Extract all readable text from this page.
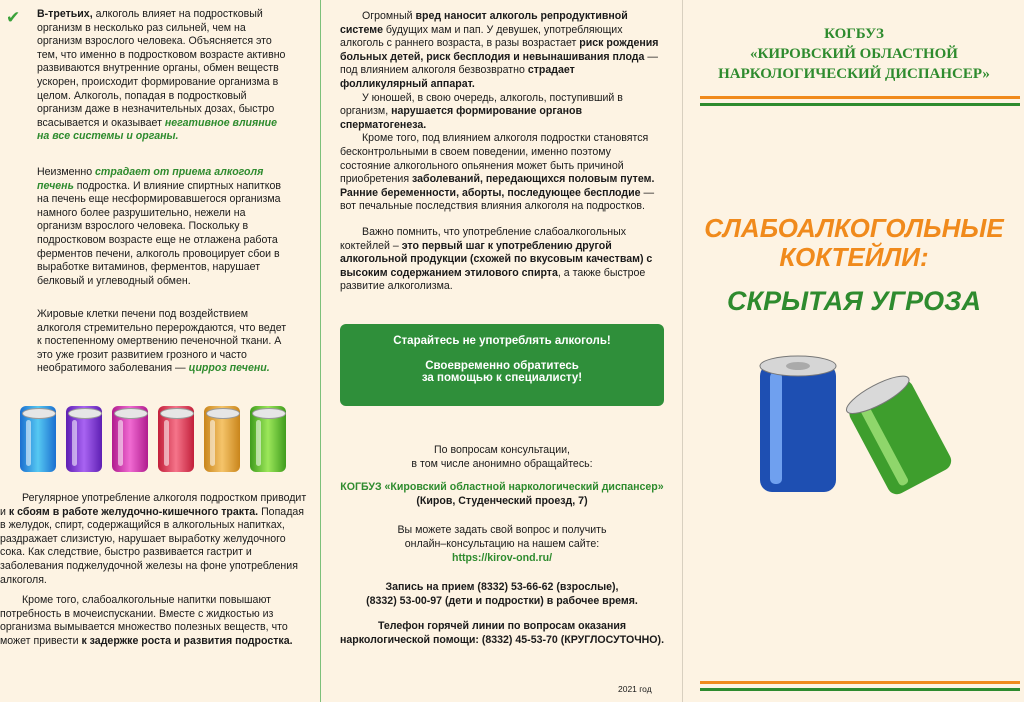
✔ В-третьих, алкоголь влияет на подростковый организм в несколько раз сильней, чем на организм взрослого человека. Объясняется это тем, что именно в подростковом возрасте активно развиваются внутренние органы, обмен веществ ускорен, происходит формирование организма в целом. Алкоголь, попадая в подростковый организм даже в незначительных дозах, быстро всасывается и оказывает негативное влияние на все системы и органы.

Неизменно страдает от приема алкоголя печень подростка. И влияние спиртных напитков на печень еще несформировавшегося организма намного более разрушительно, нежели на организм взрослого человека. Поскольку в подростковом возрасте еще не отлажена работа ферментов печени, алкоголь провоцирует сбои в выработке витаминов, ферментов, нарушает белковый и углеводный обмен.

Жировые клетки печени под воздействием алкоголя стремительно перерождаются, что ведет к постепенному омертвению печеночной ткани. А это уже грозит развитием грозного и часто необратимого заболевания — цирроз печени.

Регулярное употребление алкоголя подростком приводит и к сбоям в работе желудочно-кишечного тракта. Попадая в желудок, спирт, содержащийся в алкогольных напитках, раздражает слизистую, нарушает выработку желудочного сока. Как следствие, быстро развивается гастрит и заболевания поджелудочной железы на фоне употребления алкоголя.

Кроме того, слабоалкогольные напитки повышают потребность в мочеиспускании. Вместе с жидкостью из организма вымывается множество полезных веществ, что может привести к задержке роста и развития подростка.

Огромный вред наносит алкоголь репродуктивной системе будущих мам и пап. У девушек, употребляющих алкоголь с раннего возраста, в разы возрастает риск рождения больных детей, риск бесплодия и невынашивания плода — под влиянием алкоголя безвозвратно страдает фолликулярный аппарат.

У юношей, в свою очередь, алкоголь, поступивший в организм, нарушается формирование органов сперматогенеза.

Кроме того, под влиянием алкоголя подростки становятся бесконтрольными в своем поведении, именно поэтому состояние алкогольного опьянения может быть причиной приобретения заболеваний, передающихся половым путем. Ранние беременности, аборты, последующее бесплодие — вот печальные последствия влияния алкоголя на подростков.

Важно помнить, что употребление слабоалкогольных коктейлей – это первый шаг к употреблению другой алкогольной продукции (схожей по вкусовым качествам) с высоким содержанием этилового спирта, а также быстрое развитие алкоголизма.

Старайтесь не употреблять алкоголь!
Своевременно обратитесь
за помощью к специалисту!
По вопросам консультации,
в том числе анонимно обращайтесь:
КОГБУЗ «Кировский областной наркологический диспансер» (Киров, Студенческий проезд, 7)
Вы можете задать свой вопрос и получить
онлайн–консультацию на нашем сайте:
https://kirov-ond.ru/
Запись на прием (8332) 53-66-62 (взрослые),
(8332) 53-00-97 (дети и подростки) в рабочее время.
Телефон горячей линии по вопросам оказания
наркологической помощи: (8332) 45-53-70 (КРУГЛОСУТОЧНО).
2021 год
КОГБУЗ
«КИРОВСКИЙ ОБЛАСТНОЙ
НАРКОЛОГИЧЕСКИЙ ДИСПАНСЕР»
СЛАБОАЛКОГОЛЬНЫЕ
КОКТЕЙЛИ:
СКРЫТАЯ УГРОЗА
